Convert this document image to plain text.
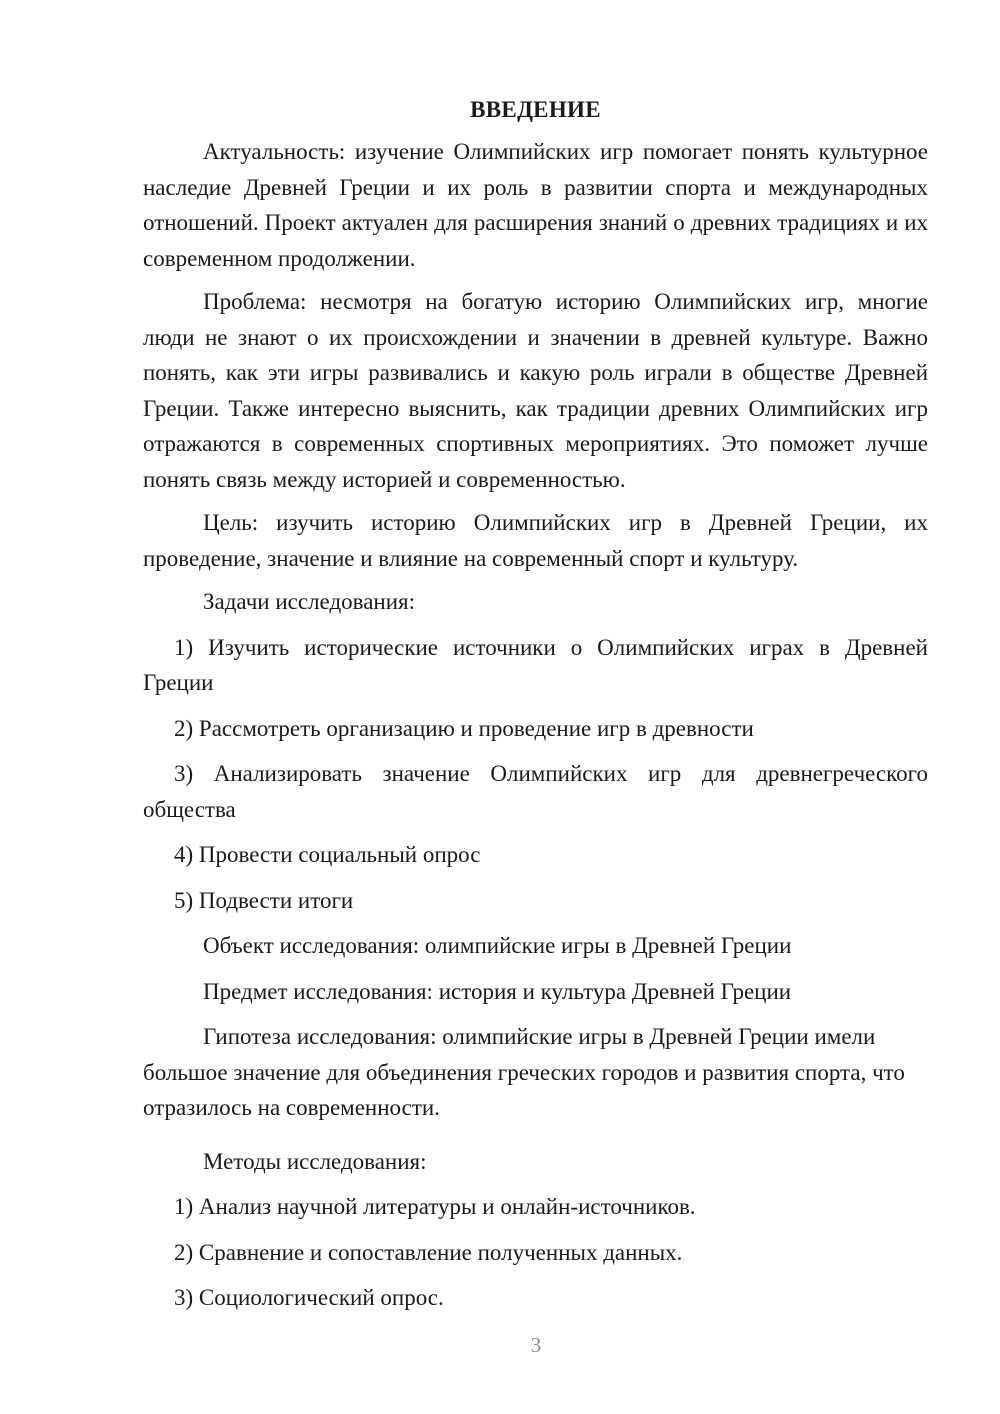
ВВЕДЕНИЕ

Актуальность: изучение Олимпийских игр помогает понять культурное наследие Древней Греции и их роль в развитии спорта и международных отношений. Проект актуален для расширения знаний о древних традициях и их современном продолжении.

Проблема: несмотря на богатую историю Олимпийских игр, многие люди не знают о их происхождении и значении в древней культуре. Важно понять, как эти игры развивались и какую роль играли в обществе Древней Греции. Также интересно выяснить, как традиции древних Олимпийских игр отражаются в современных спортивных мероприятиях. Это поможет лучше понять связь между историей и современностью.

Цель: изучить историю Олимпийских игр в Древней Греции, их проведение, значение и влияние на современный спорт и культуру.

Задачи исследования:

1) Изучить исторические источники о Олимпийских играх в Древней Греции

2) Рассмотреть организацию и проведение игр в древности

3) Анализировать значение Олимпийских игр для древнегреческого общества

4) Провести социальный опрос

5) Подвести итоги

Объект исследования: олимпийские игры в Древней Греции

Предмет исследования: история и культура Древней Греции

Гипотеза исследования: олимпийские игры в Древней Греции имели большое значение для объединения греческих городов и развития спорта, что отразилось на современности.

Методы исследования:

1) Анализ научной литературы и онлайн-источников.

2) Сравнение и сопоставление полученных данных.

3) Социологический опрос.

3
